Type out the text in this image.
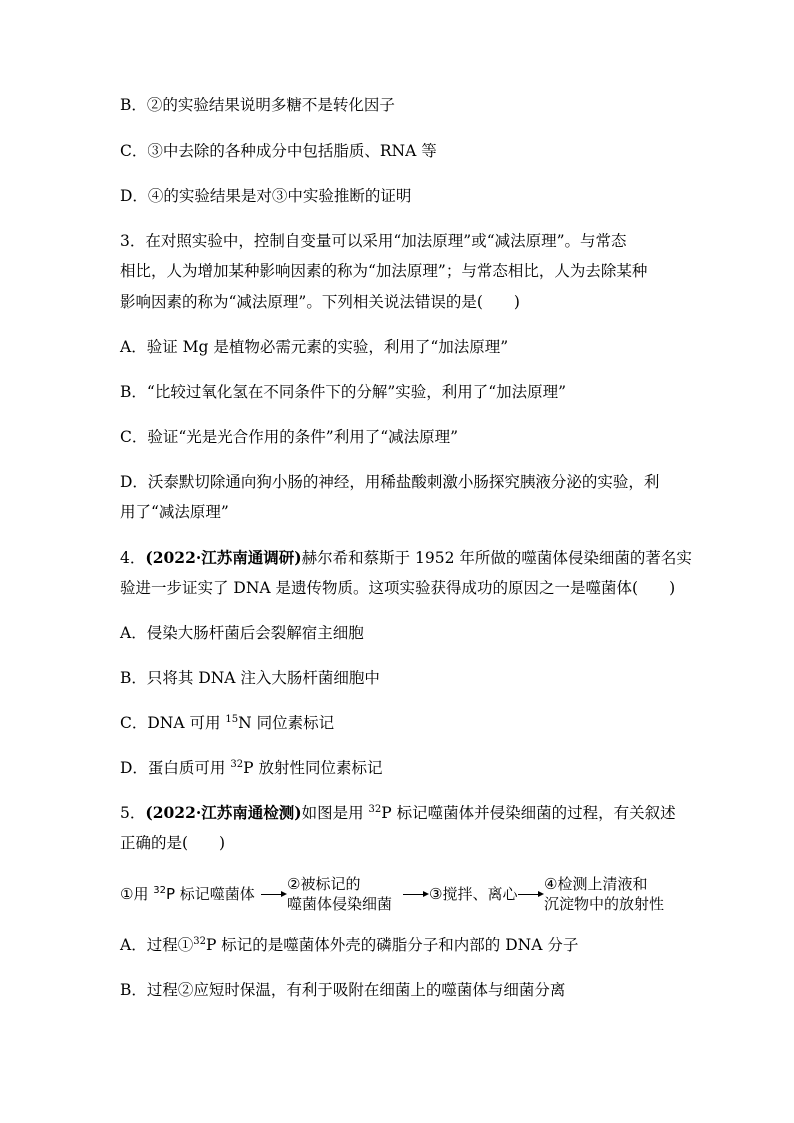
B．②的实验结果说明多糖不是转化因子
C．③中去除的各种成分中包括脂质、RNA 等
D．④的实验结果是对③中实验推断的证明
3．在对照实验中，控制自变量可以采用“加法原理”或“减法原理”。与常态
相比，人为增加某种影响因素的称为“加法原理”；与常态相比，人为去除某种
影响因素的称为“减法原理”。下列相关说法错误的是(　　)
A．验证 Mg 是植物必需元素的实验，利用了“加法原理”
B．“比较过氧化氢在不同条件下的分解”实验，利用了“加法原理”
C．验证“光是光合作用的条件”利用了“减法原理”
D．沃泰默切除通向狗小肠的神经，用稀盐酸刺激小肠探究胰液分泌的实验，利
用了“减法原理”
4．(2022·江苏南通调研)赫尔希和蔡斯于 1952 年所做的噬菌体侵染细菌的著名实
验进一步证实了 DNA 是遗传物质。这项实验获得成功的原因之一是噬菌体(　　)
A．侵染大肠杆菌后会裂解宿主细胞
B．只将其 DNA 注入大肠杆菌细胞中
C．DNA 可用 $^{15}$N 同位素标记
D．蛋白质可用 $^{32}$P 放射性同位素标记
5．(2022·江苏南通检测)如图是用 $^{32}$P 标记噬菌体并侵染细菌的过程，有关叙述
正确的是(　　)
①用 $^{32}$P 标记噬菌体
②被标记的
噬菌体侵染细菌
③搅拌、离心
④检测上清液和
沉淀物中的放射性
A．过程①$^{32}$P 标记的是噬菌体外壳的磷脂分子和内部的 DNA 分子
B．过程②应短时保温，有利于吸附在细菌上的噬菌体与细菌分离
